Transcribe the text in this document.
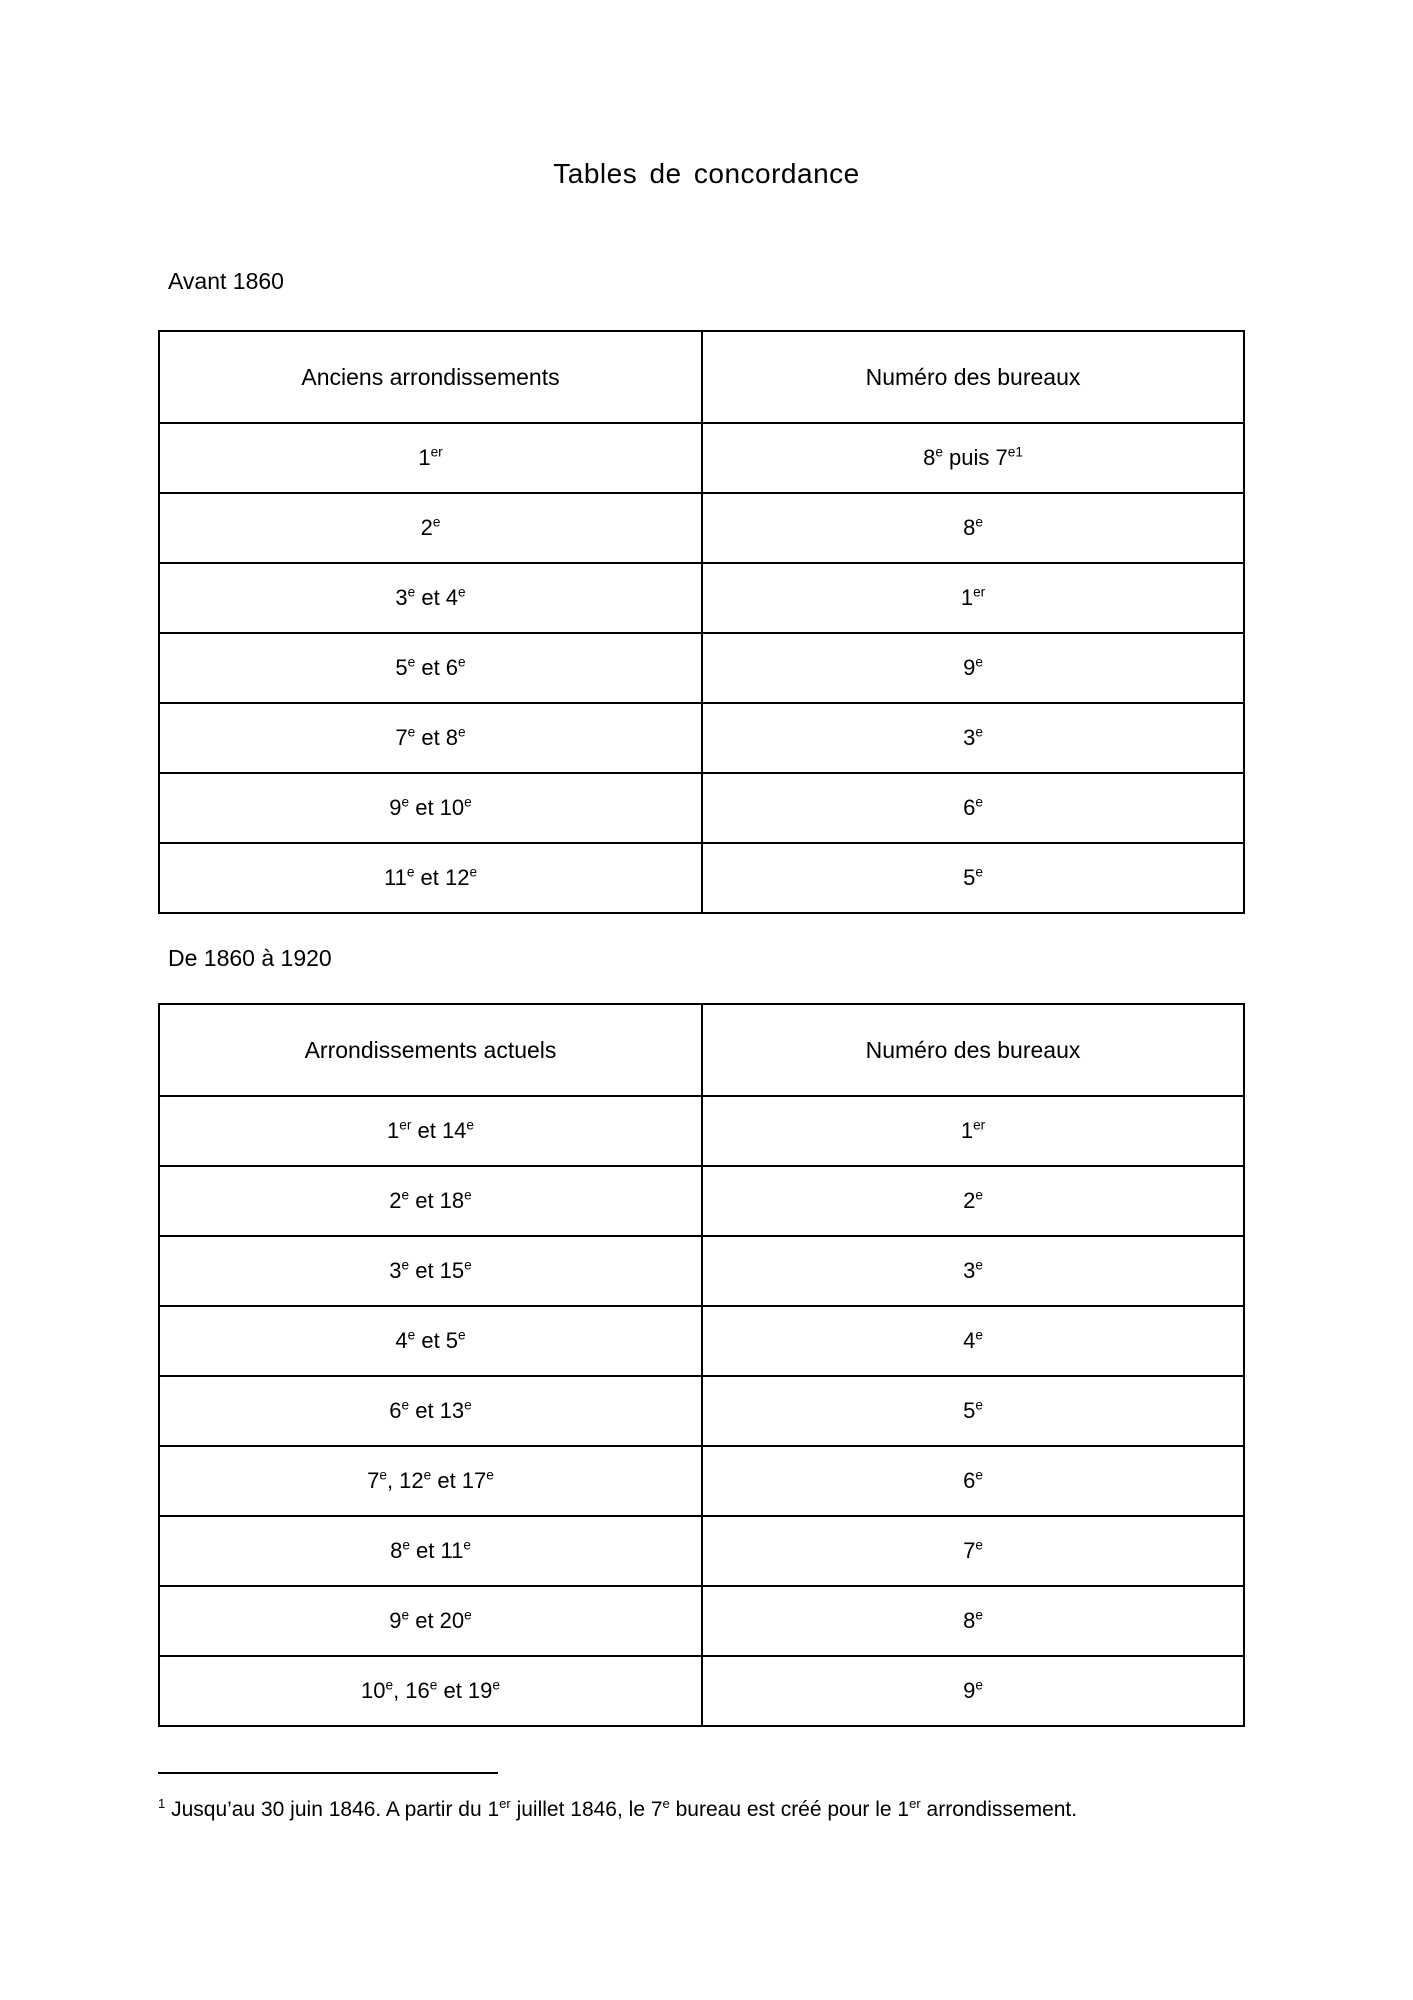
Tables de concordance
Avant 1860
Anciens arrondissements	Numéro des bureaux
1er	8e puis $7^{e1}$
2e	8e
3e et 4e	1er
5e et 6e	9e
7e et 8e	3e
9e et 10e	6e
11e et 12e	5e
De 1860 à 1920
Arrondissements actuels	Numéro des bureaux
1er et 14e	1er
2e et 18e	2e
3e et 15e	3e
4e et 5e	4e
6e et 13e	5e
7e, 12e et 17e	6e
8e et 11e	7e
9e et 20e	8e
10e, 16e et 19e	9e
$^1$ Jusqu’au 30 juin 1846. A partir du 1er juillet 1846, le 7e bureau est créé pour le 1er arrondissement.
